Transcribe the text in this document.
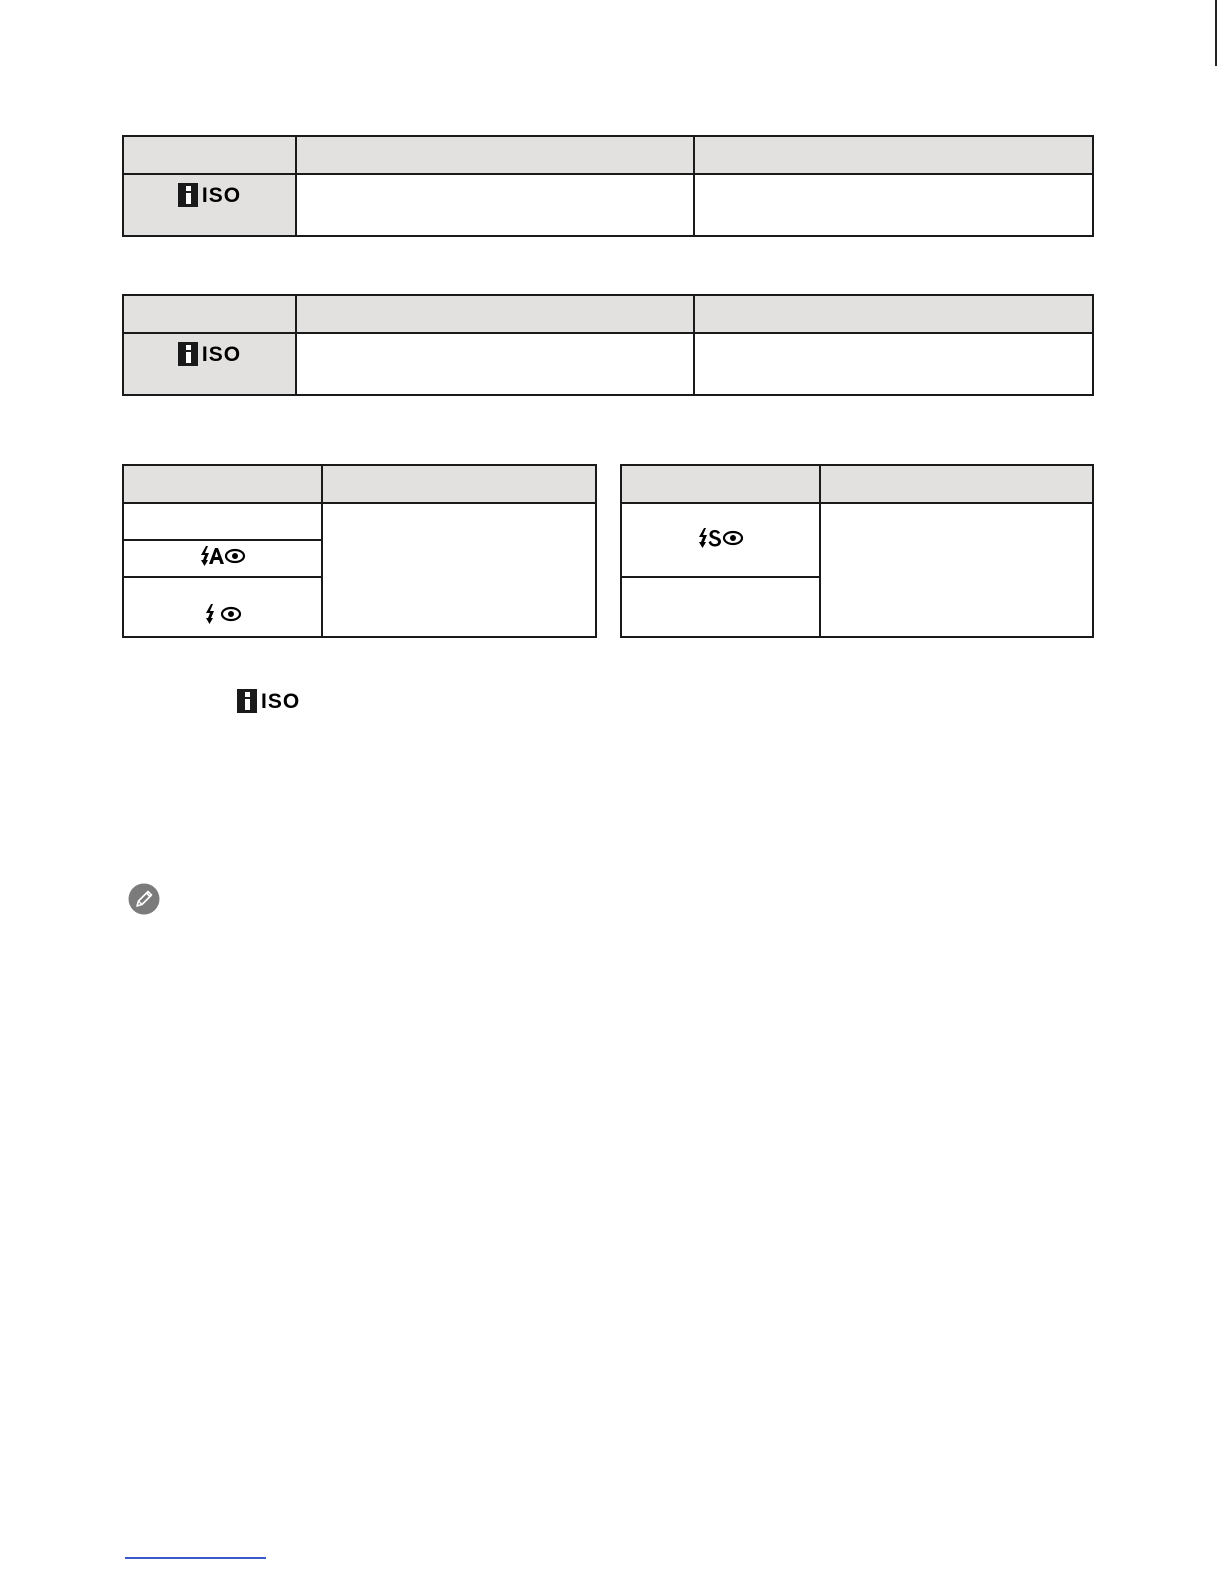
ISO		

ISO		

ISO
